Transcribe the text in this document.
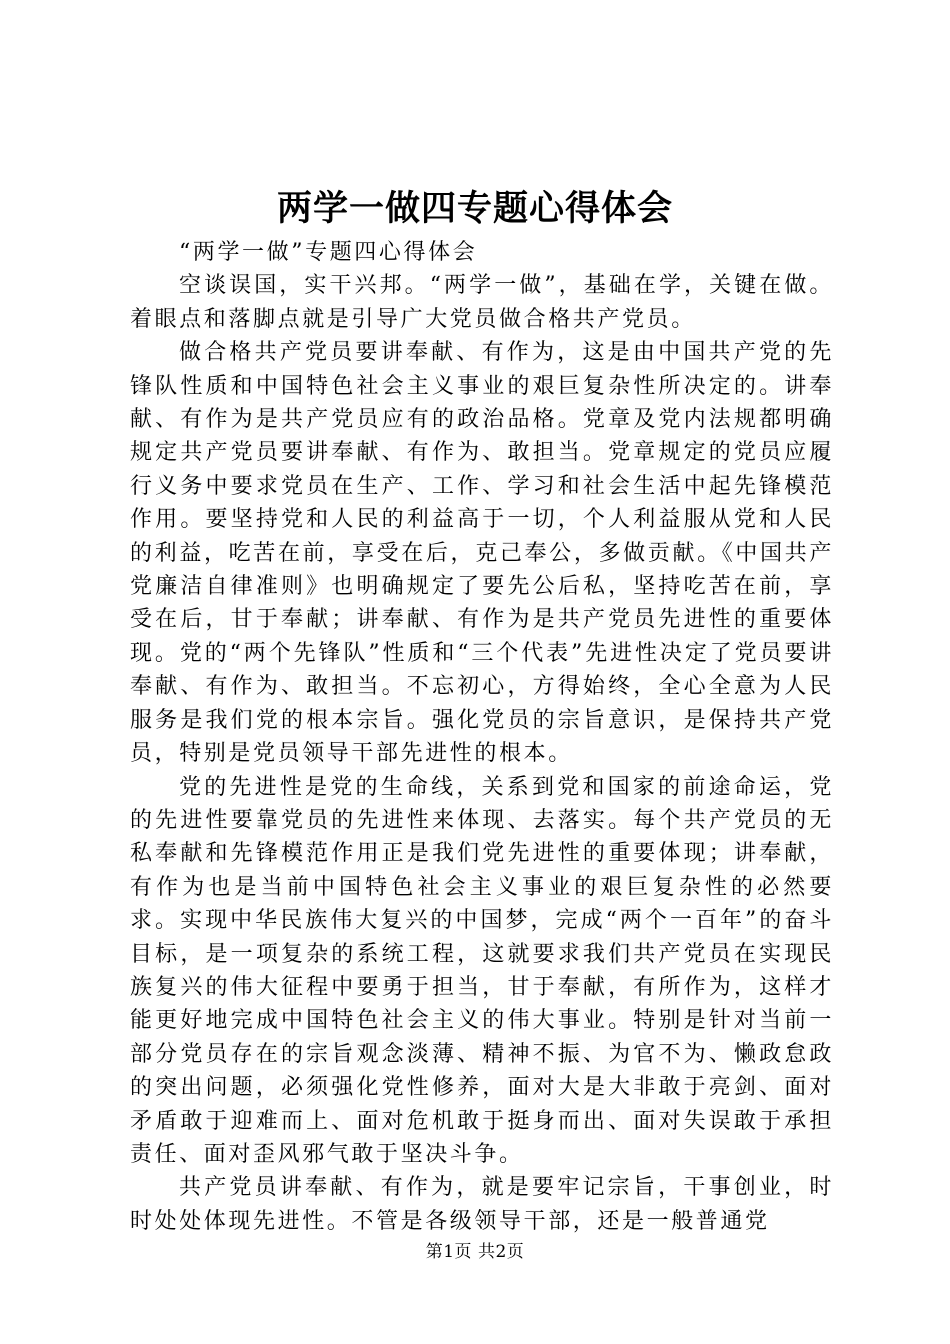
两学一做四专题心得体会

“两学一做”专题四心得体会

空谈误国，实干兴邦。“两学一做”，基础在学，关键在做。着眼点和落脚点就是引导广大党员做合格共产党员。

做合格共产党员要讲奉献、有作为，这是由中国共产党的先锋队性质和中国特色社会主义事业的艰巨复杂性所决定的。讲奉献、有作为是共产党员应有的政治品格。党章及党内法规都明确规定共产党员要讲奉献、有作为、敢担当。党章规定的党员应履行义务中要求党员在生产、工作、学习和社会生活中起先锋模范作用。要坚持党和人民的利益高于一切，个人利益服从党和人民的利益，吃苦在前，享受在后，克己奉公，多做贡献。《中国共产党廉洁自律准则》也明确规定了要先公后私，坚持吃苦在前，享受在后，甘于奉献；讲奉献、有作为是共产党员先进性的重要体现。党的“两个先锋队”性质和“三个代表”先进性决定了党员要讲奉献、有作为、敢担当。不忘初心，方得始终，全心全意为人民服务是我们党的根本宗旨。强化党员的宗旨意识，是保持共产党员，特别是党员领导干部先进性的根本。

党的先进性是党的生命线，关系到党和国家的前途命运，党的先进性要靠党员的先进性来体现、去落实。每个共产党员的无私奉献和先锋模范作用正是我们党先进性的重要体现；讲奉献，有作为也是当前中国特色社会主义事业的艰巨复杂性的必然要求。实现中华民族伟大复兴的中国梦，完成“两个一百年”的奋斗目标，是一项复杂的系统工程，这就要求我们共产党员在实现民族复兴的伟大征程中要勇于担当，甘于奉献，有所作为，这样才能更好地完成中国特色社会主义的伟大事业。特别是针对当前一部分党员存在的宗旨观念淡薄、精神不振、为官不为、懒政怠政的突出问题，必须强化党性修养，面对大是大非敢于亮剑、面对矛盾敢于迎难而上、面对危机敢于挺身而出、面对失误敢于承担责任、面对歪风邪气敢于坚决斗争。

共产党员讲奉献、有作为，就是要牢记宗旨，干事创业，时时处处体现先进性。不管是各级领导干部，还是一般普通党

第1页 共2页
